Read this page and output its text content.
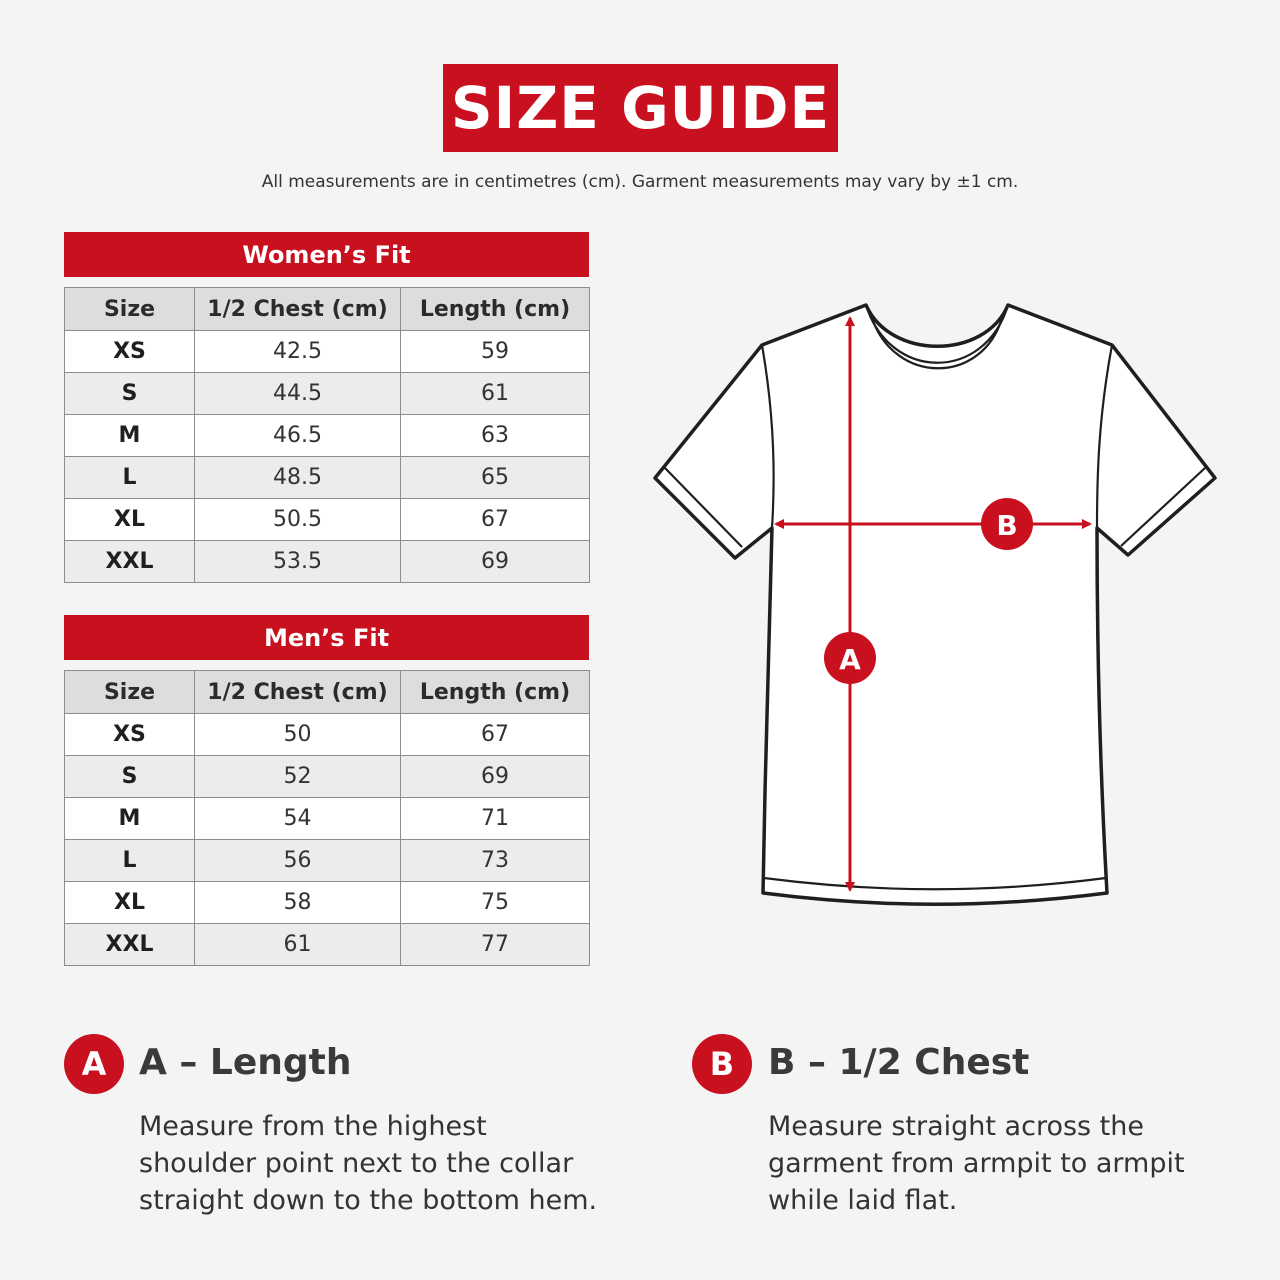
SIZE GUIDE
All measurements are in centimetres (cm). Garment measurements may vary by ±1 cm.
Women’s Fit
Size	1/2 Chest (cm)	Length (cm)
XS	42.5	59
S	44.5	61
M	46.5	63
L	48.5	65
XL	50.5	67
XXL	53.5	69
Men’s Fit
Size	1/2 Chest (cm)	Length (cm)
XS	50	67
S	52	69
M	54	71
L	56	73
XL	58	75
XXL	61	77
A
B
A A – Length
Measure from the highest shoulder point next to the collar straight down to the bottom hem.
B B – 1/2 Chest
Measure straight across the garment from armpit to armpit while laid flat.
